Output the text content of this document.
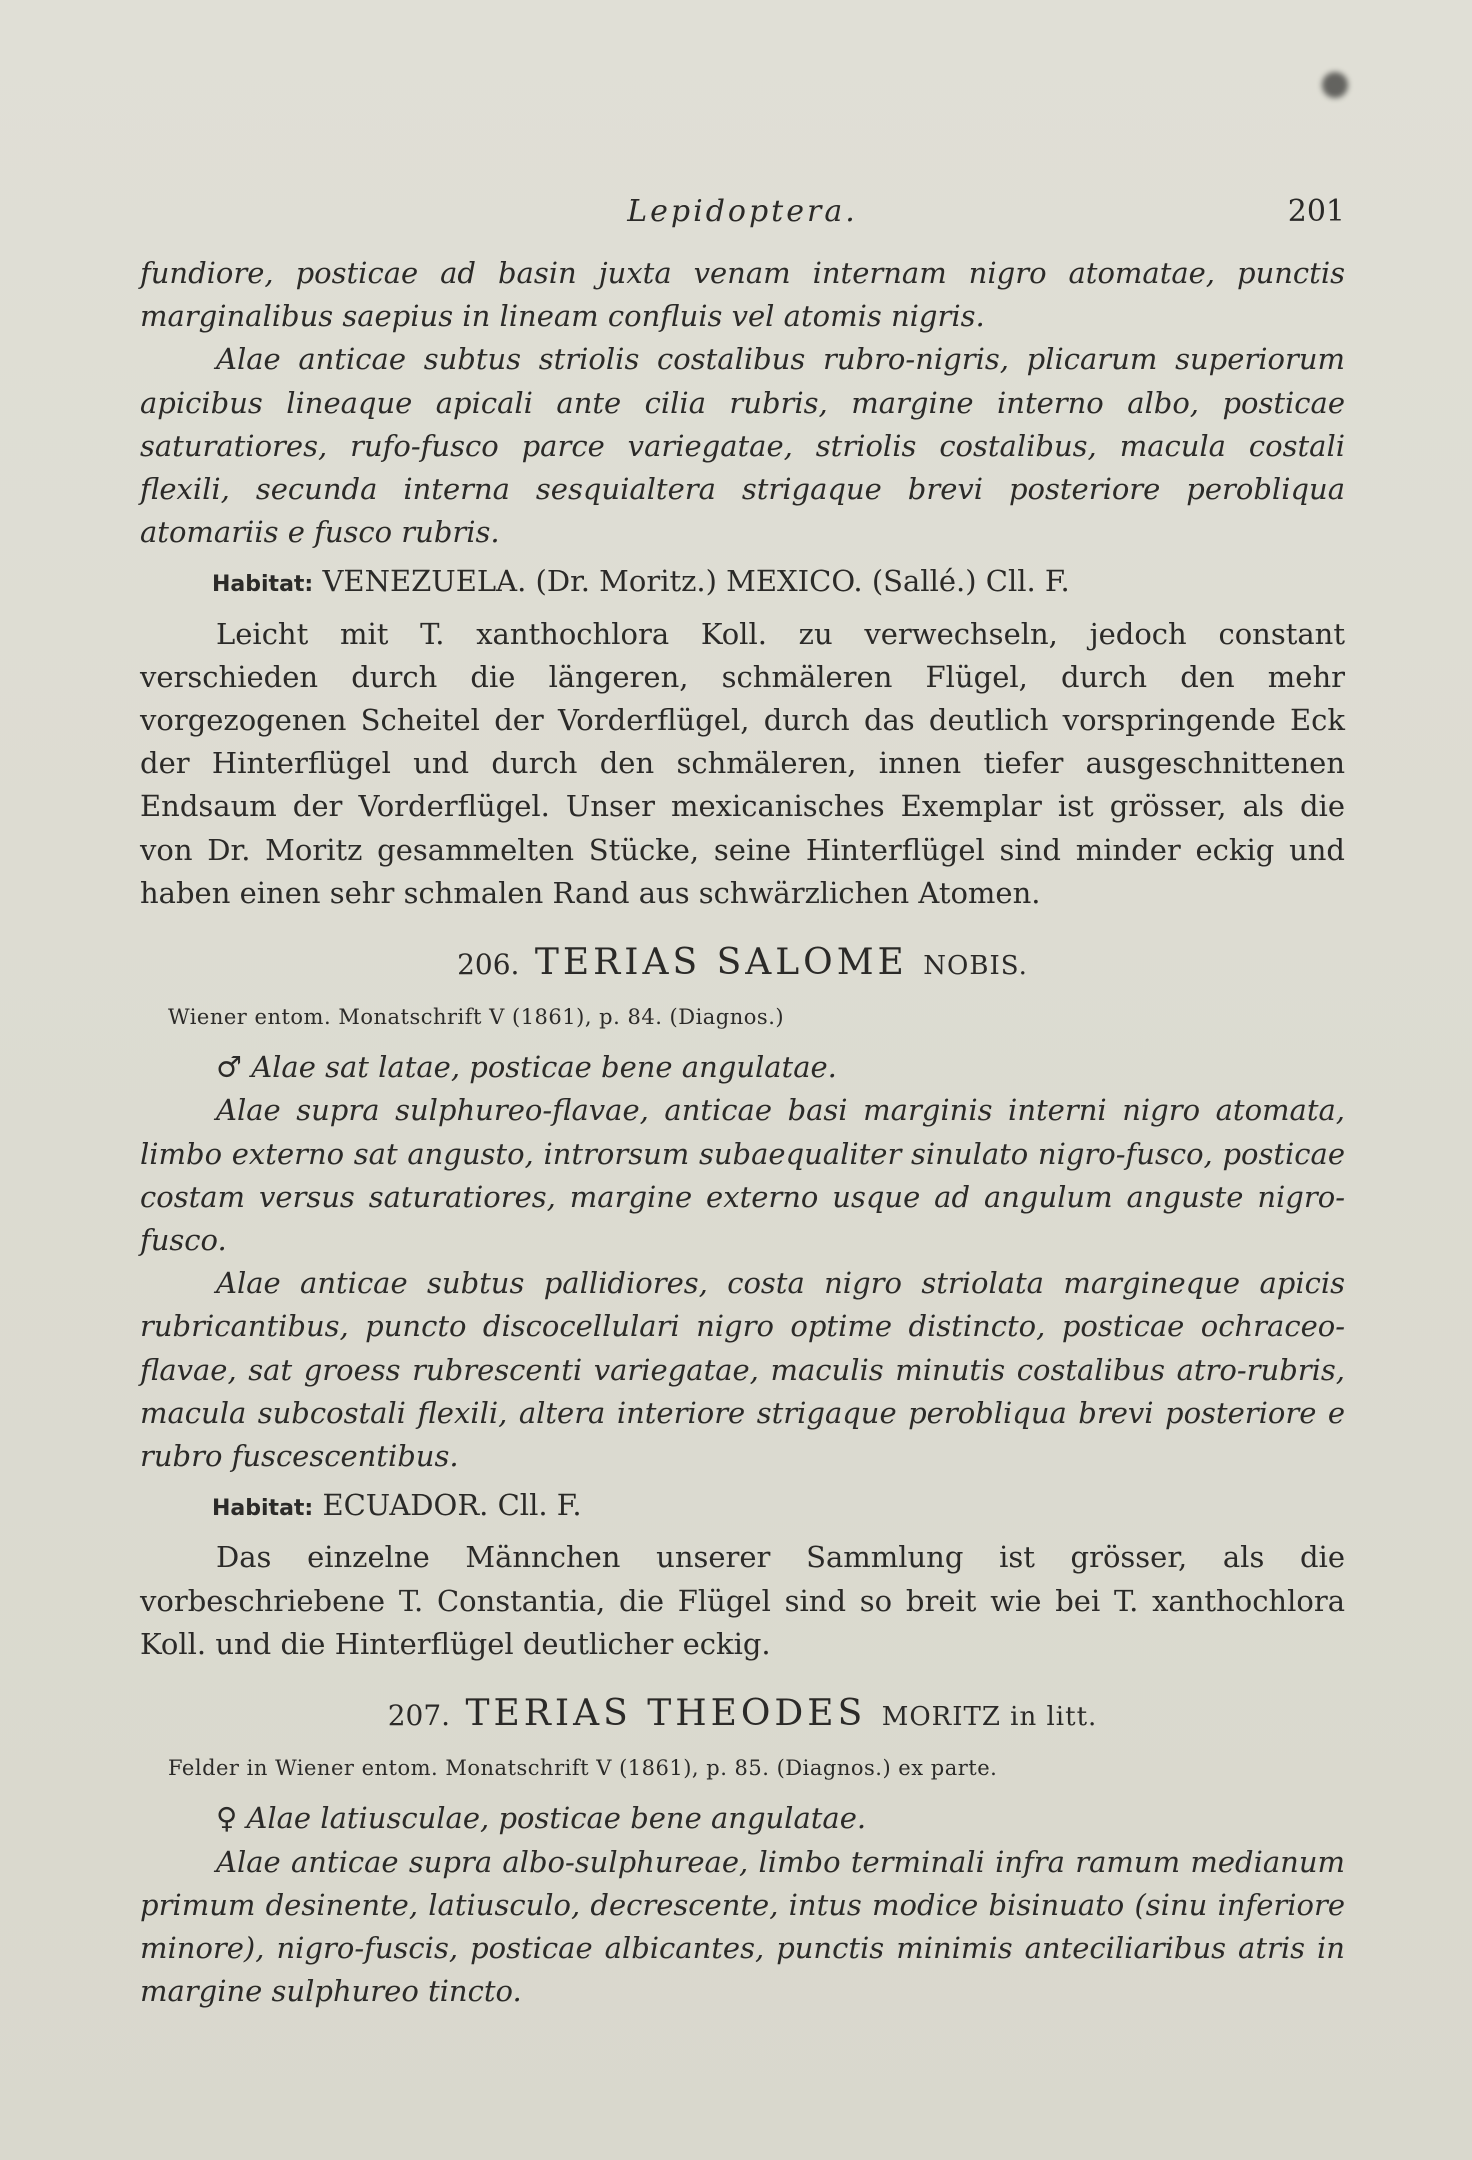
Lepidoptera.	201

fundiore, posticae ad basin juxta venam internam nigro atomatae, punctis marginalibus saepius in lineam confluis vel atomis nigris.

Alae anticae subtus striolis costalibus rubro-nigris, plicarum superiorum apicibus lineaque apicali ante cilia rubris, margine interno albo, posticae saturatiores, rufo-fusco parce variegatae, striolis costalibus, macula costali flexili, secunda interna sesquialtera strigaque brevi posteriore perobliqua atomariis e fusco rubris.

Habitat: VENEZUELA. (Dr. Moritz.) MEXICO. (Sallé.) Cll. F.

Leicht mit T. xanthochlora Koll. zu verwechseln, jedoch constant verschieden durch die längeren, schmäleren Flügel, durch den mehr vorgezogenen Scheitel der Vorderflügel, durch das deutlich vorspringende Eck der Hinterflügel und durch den schmäleren, innen tiefer ausgeschnittenen Endsaum der Vorderflügel. Unser mexicanisches Exemplar ist grösser, als die von Dr. Moritz gesammelten Stücke, seine Hinterflügel sind minder eckig und haben einen sehr schmalen Rand aus schwärzlichen Atomen.

206. TERIAS SALOME NOBIS.

Wiener entom. Monatschrift V (1861), p. 84. (Diagnos.)

♂ Alae sat latae, posticae bene angulatae.

Alae supra sulphureo-flavae, anticae basi marginis interni nigro atomata, limbo externo sat angusto, introrsum subaequaliter sinulato nigro-fusco, posticae costam versus saturatiores, margine externo usque ad angulum anguste nigro-fusco.

Alae anticae subtus pallidiores, costa nigro striolata margineque apicis rubricantibus, puncto discocellulari nigro optime distincto, posticae ochraceo-flavae, sat groess rubrescenti variegatae, maculis minutis costalibus atro-rubris, macula subcostali flexili, altera interiore strigaque perobliqua brevi posteriore e rubro fuscescentibus.

Habitat: ECUADOR. Cll. F.

Das einzelne Männchen unserer Sammlung ist grösser, als die vorbeschriebene T. Constantia, die Flügel sind so breit wie bei T. xanthochlora Koll. und die Hinterflügel deutlicher eckig.

207. TERIAS THEODES MORITZ in litt.

Felder in Wiener entom. Monatschrift V (1861), p. 85. (Diagnos.) ex parte.

♀ Alae latiusculae, posticae bene angulatae.

Alae anticae supra albo-sulphureae, limbo terminali infra ramum medianum primum desinente, latiusculo, decrescente, intus modice bisinuato (sinu inferiore minore), nigro-fuscis, posticae albicantes, punctis minimis anteciliaribus atris in margine sulphureo tincto.
